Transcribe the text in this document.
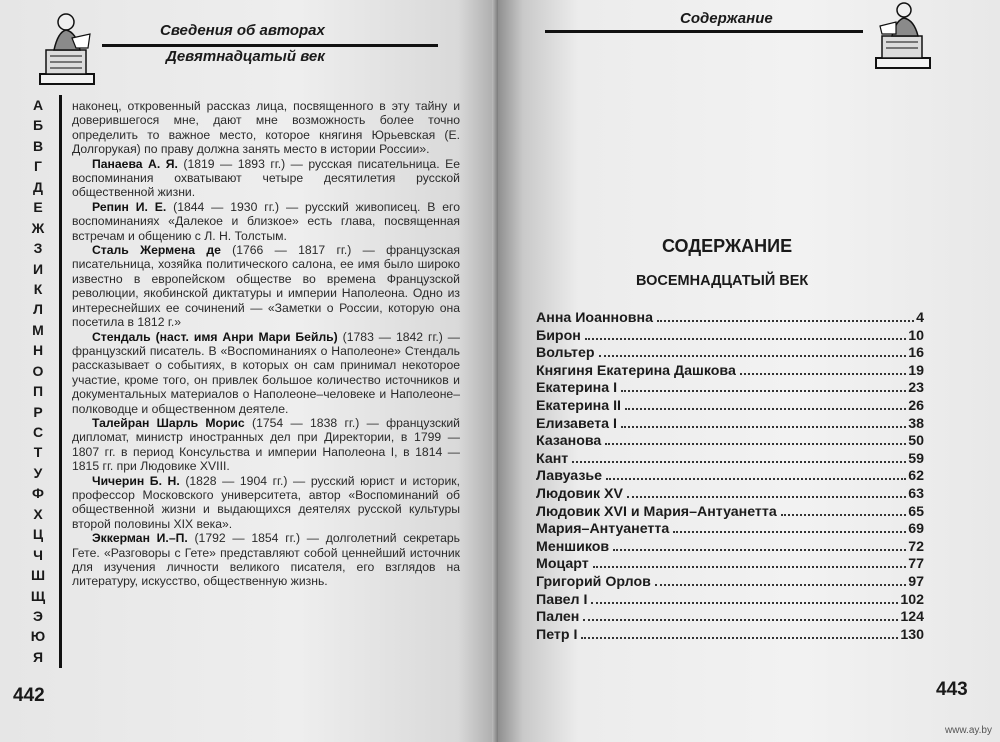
Сведения об авторах
Девятнадцатый век
А
Б
В
Г
Д
Е
Ж
З
И
К
Л
М
Н
О
П
Р
С
Т
У
Ф
Х
Ц
Ч
Ш
Щ
Э
Ю
Я

наконец, откровенный рассказ лица, посвященного в эту тайну и доверившегося мне, дают мне возможность более точно определить то важное место, которое княгиня Юрьевская (Е. Долгорукая) по праву должна занять место в истории России».

Панаева А. Я. (1819 — 1893 гг.) — русская писательница. Ее воспоминания охватывают четыре десятилетия русской общественной жизни.

Репин И. Е. (1844 — 1930 гг.) — русский живописец. В его воспоминаниях «Далекое и близкое» есть глава, посвященная встречам и общению с Л. Н. Толстым.

Сталь Жермена де (1766 — 1817 гг.) — французская писательница, хозяйка политического салона, ее имя было широко известно в европейском обществе во времена Французской революции, якобинской диктатуры и империи Наполеона. Одно из интереснейших ее сочинений — «Заметки о России, которую она посетила в 1812 г.»

Стендаль (наст. имя Анри Мари Бейль) (1783 — 1842 гг.) — французский писатель. В «Воспоминаниях о Наполеоне» Стендаль рассказывает о событиях, в которых он сам принимал некоторое участие, кроме того, он привлек большое количество источников и документальных материалов о Наполеоне–человеке и Наполеоне–полководце и общественном деятеле.

Талейран Шарль Морис (1754 — 1838 гг.) — французский дипломат, министр иностранных дел при Директории, в 1799 — 1807 гг. в период Консульства и империи Наполеона I, в 1814 — 1815 гг. при Людовике XVIII.

Чичерин Б. Н. (1828 — 1904 гг.) — русский юрист и историк, профессор Московского университета, автор «Воспоминаний об общественной жизни и выдающихся деятелях русской культуры второй половины XIX века».

Эккерман И.–П. (1792 — 1854 гг.) — долголетний секретарь Гете. «Разговоры с Гете» представляют собой ценнейший источник для изучения личности великого писателя, его взглядов на литературу, искусство, общественную жизнь.

442
Содержание
СОДЕРЖАНИЕ
ВОСЕМНАДЦАТЫЙ ВЕК
Анна Иоанновна	4
Бирон	10
Вольтер	16
Княгиня Екатерина Дашкова	19
Екатерина I	23
Екатерина II	26
Елизавета I	38
Казанова	50
Кант	59
Лавуазье	62
Людовик XV	63
Людовик XVI и Мария–Антуанетта	65
Мария–Антуанетта	69
Меншиков	72
Моцарт	77
Григорий Орлов	97
Павел I	102
Пален	124
Петр I	130
443
www.ay.by
